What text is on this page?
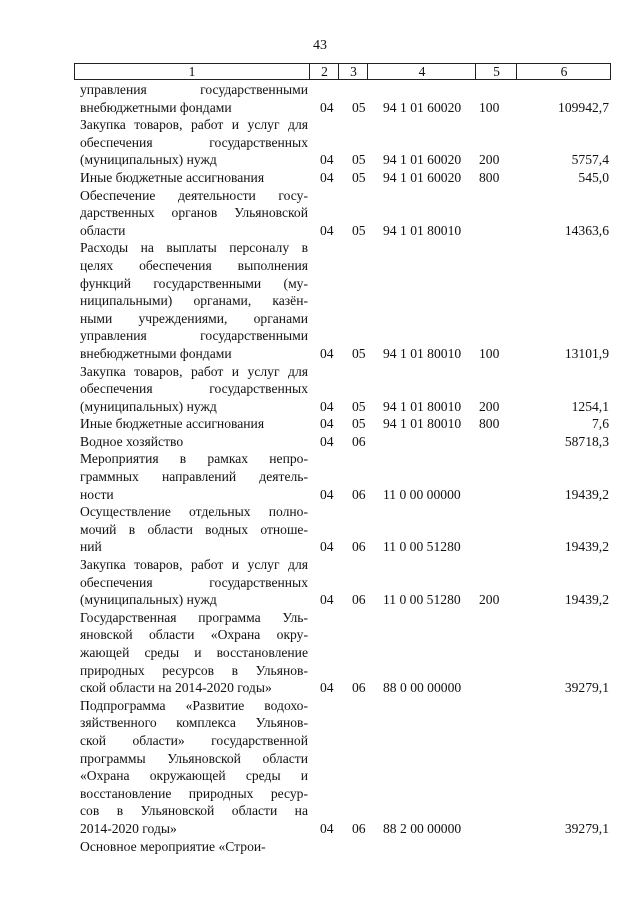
43
1	2	3	4	5	6
управления государственными
внебюджетными фондами	04 05 94 1 01 60020 100	109942,7
Закупка товаров, работ и услуг для
обеспечения государственных
(муниципальных) нужд	04 05 94 1 01 60020 200	5757,4
Иные бюджетные ассигнования	04 05 94 1 01 60020 800	545,0
Обеспечение деятельности госу-
дарственных органов Ульяновской
области	04 05 94 1 01 80010	14363,6
Расходы на выплаты персоналу в
целях обеспечения выполнения
функций государственными (му-
ниципальными) органами, казён-
ными учреждениями, органами
управления государственными
внебюджетными фондами	04 05 94 1 01 80010 100	13101,9
Закупка товаров, работ и услуг для
обеспечения государственных
(муниципальных) нужд	04 05 94 1 01 80010 200	1254,1
Иные бюджетные ассигнования	04 05 94 1 01 80010 800	7,6
Водное хозяйство	04 06	58718,3
Мероприятия в рамках непро-
граммных направлений деятель-
ности	04 06 11 0 00 00000	19439,2
Осуществление отдельных полно-
мочий в области водных отноше-
ний	04 06 11 0 00 51280	19439,2
Закупка товаров, работ и услуг для
обеспечения государственных
(муниципальных) нужд	04 06 11 0 00 51280 200	19439,2
Государственная программа Уль-
яновской области «Охрана окру-
жающей среды и восстановление
природных ресурсов в Ульянов-
ской области на 2014-2020 годы»	04 06 88 0 00 00000	39279,1
Подпрограмма «Развитие водохо-
зяйственного комплекса Ульянов-
ской области» государственной
программы Ульяновской области
«Охрана окружающей среды и
восстановление природных ресур-
сов в Ульяновской области на
2014-2020 годы»	04 06 88 2 00 00000	39279,1
Основное мероприятие «Строи-
